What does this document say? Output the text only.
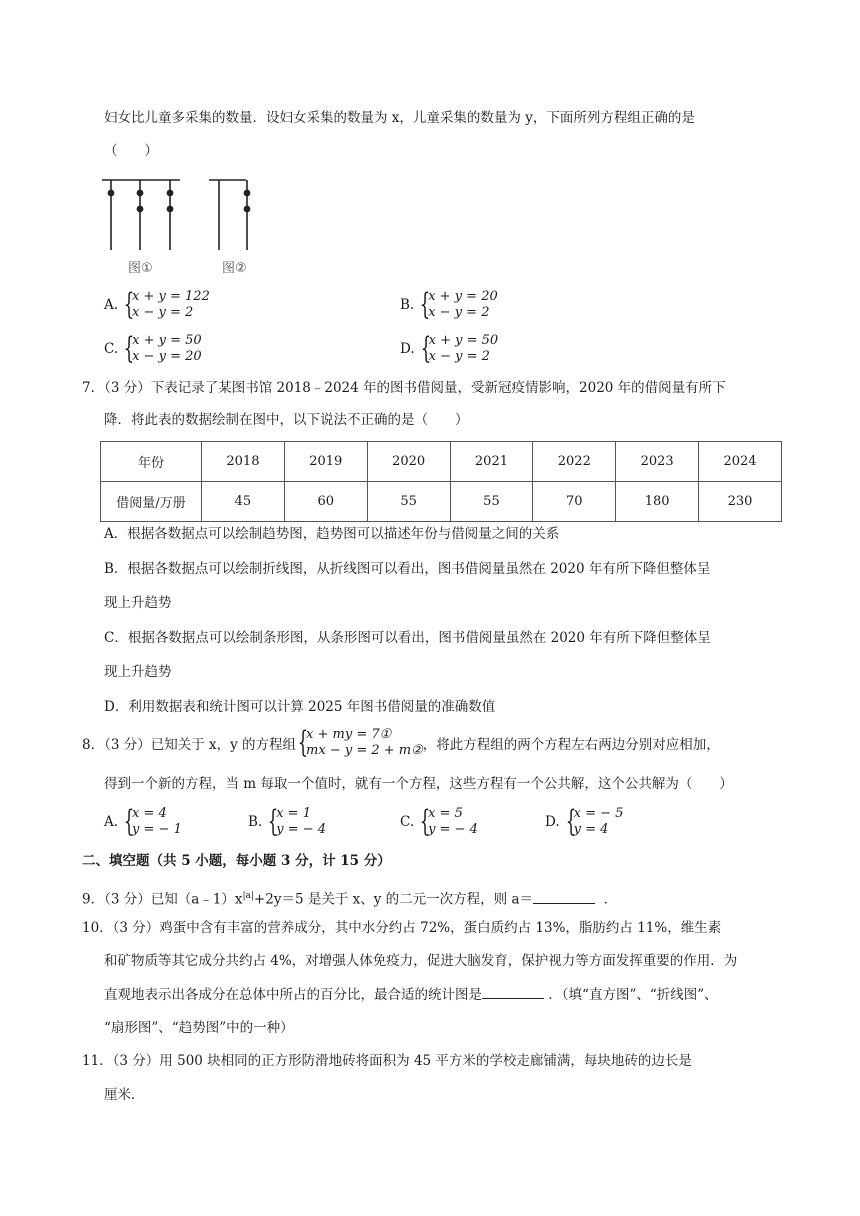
妇女比儿童多采集的数量．设妇女采集的数量为 x，儿童采集的数量为 y，下面所列方程组正确的是
（　　）
图①	图②
A. {
x + y = 122
x − y = 2	B. {
x + y = 20
x − y = 2
C. {
x + y = 50
x − y = 20	D. {
x + y = 50
x − y = 2
7．（3 分）下表记录了某图书馆 2018﹣2024 年的图书借阅量，受新冠疫情影响，2020 年的借阅量有所下
降．将此表的数据绘制在图中，以下说法不正确的是（　　）
年份	2018	2019	2020	2021	2022	2023	2024
借阅量/万册	45	60	55	55	70	180	230
A．根据各数据点可以绘制趋势图，趋势图可以描述年份与借阅量之间的关系
B．根据各数据点可以绘制折线图，从折线图可以看出，图书借阅量虽然在 2020 年有所下降但整体呈
现上升趋势
C．根据各数据点可以绘制条形图，从条形图可以看出，图书借阅量虽然在 2020 年有所下降但整体呈
现上升趋势
D．利用数据表和统计图可以计算 2025 年图书借阅量的准确数值
8．（3 分）已知关于 x，y 的方程组 {
x + my = 7①
mx − y = 2 + m② ，将此方程组的两个方程左右两边分别对应相加，
得到一个新的方程，当 m 每取一个值时，就有一个方程，这些方程有一个公共解，这个公共解为（　　）
A. {
x = 4
y = − 1	B. {
x = 1
y = − 4	C. {
x = 5
y = − 4	D. {
x = − 5
y = 4
二、填空题（共 5 小题，每小题 3 分，计 15 分）
9．（3 分）已知$(a﹣1)x^{|a|}+2y=5$ 是关于 x、y 的二元一次方程，则 a＝	．
10．（3 分）鸡蛋中含有丰富的营养成分，其中水分约占 72%，蛋白质约占 13%，脂肪约占 11%，维生素
和矿物质等其它成分共约占 4%，对增强人体免疫力，促进大脑发育，保护视力等方面发挥重要的作用．为
直观地表示出各成分在总体中所占的百分比，最合适的统计图是	．（填“直方图”、“折线图”、
“扇形图”、“趋势图”中的一种）
11．（3 分）用 500 块相同的正方形防滑地砖将面积为 45 平方米的学校走廊铺满，每块地砖的边长是
厘米．
